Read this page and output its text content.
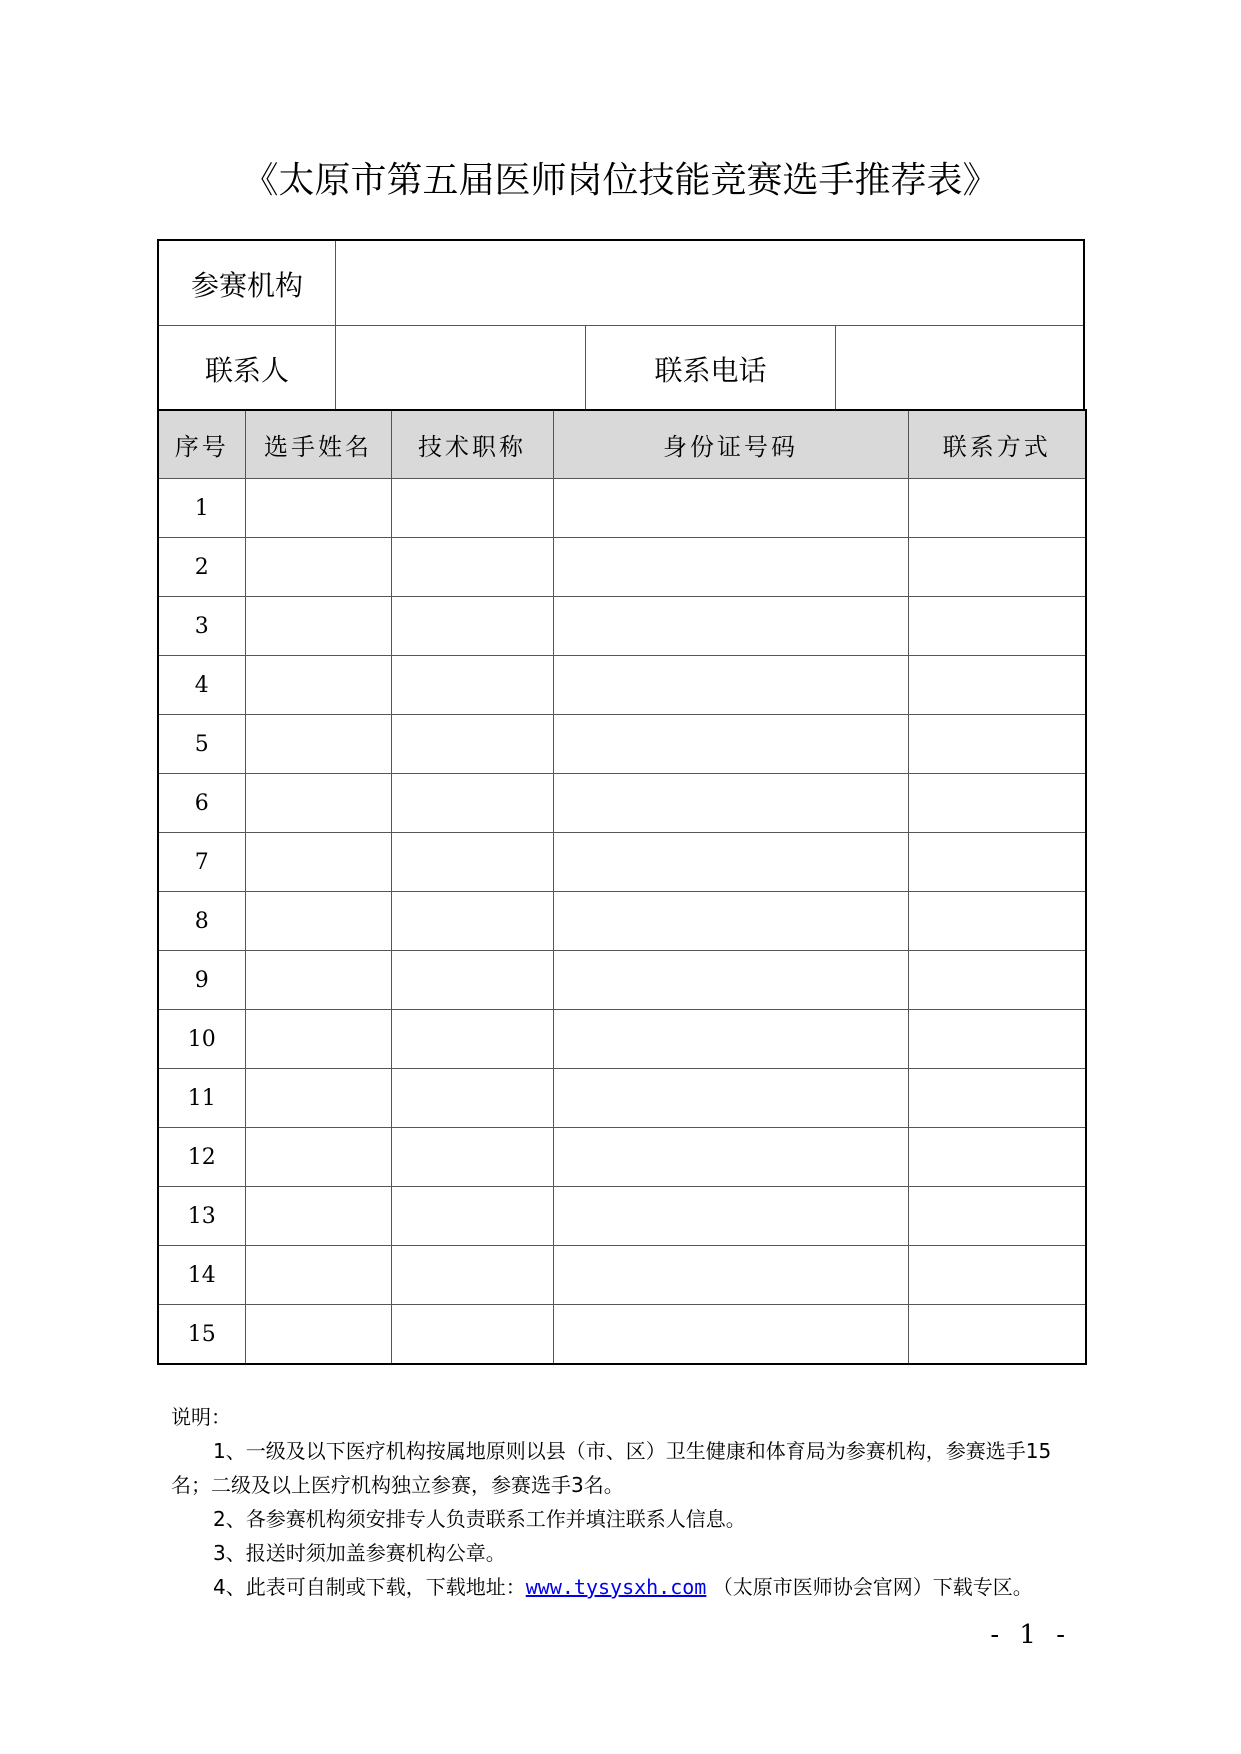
《太原市第五届医师岗位技能竞赛选手推荐表》
参赛机构
联系人	联系电话
序号	选手姓名	技术职称	身份证号码	联系方式
1				
2				
3				
4				
5				
6				
7				
8				
9				
10				
11				
12				
13				
14				
15				
说明：

1、一级及以下医疗机构按属地原则以县（市、区）卫生健康和体育局为参赛机构，参赛选手15名；二级及以上医疗机构独立参赛，参赛选手3名。

2、各参赛机构须安排专人负责联系工作并填注联系人信息。

3、报送时须加盖参赛机构公章。

4、此表可自制或下载，下载地址：www.tysysxh.com （太原市医师协会官网）下载专区。

- 1 -
